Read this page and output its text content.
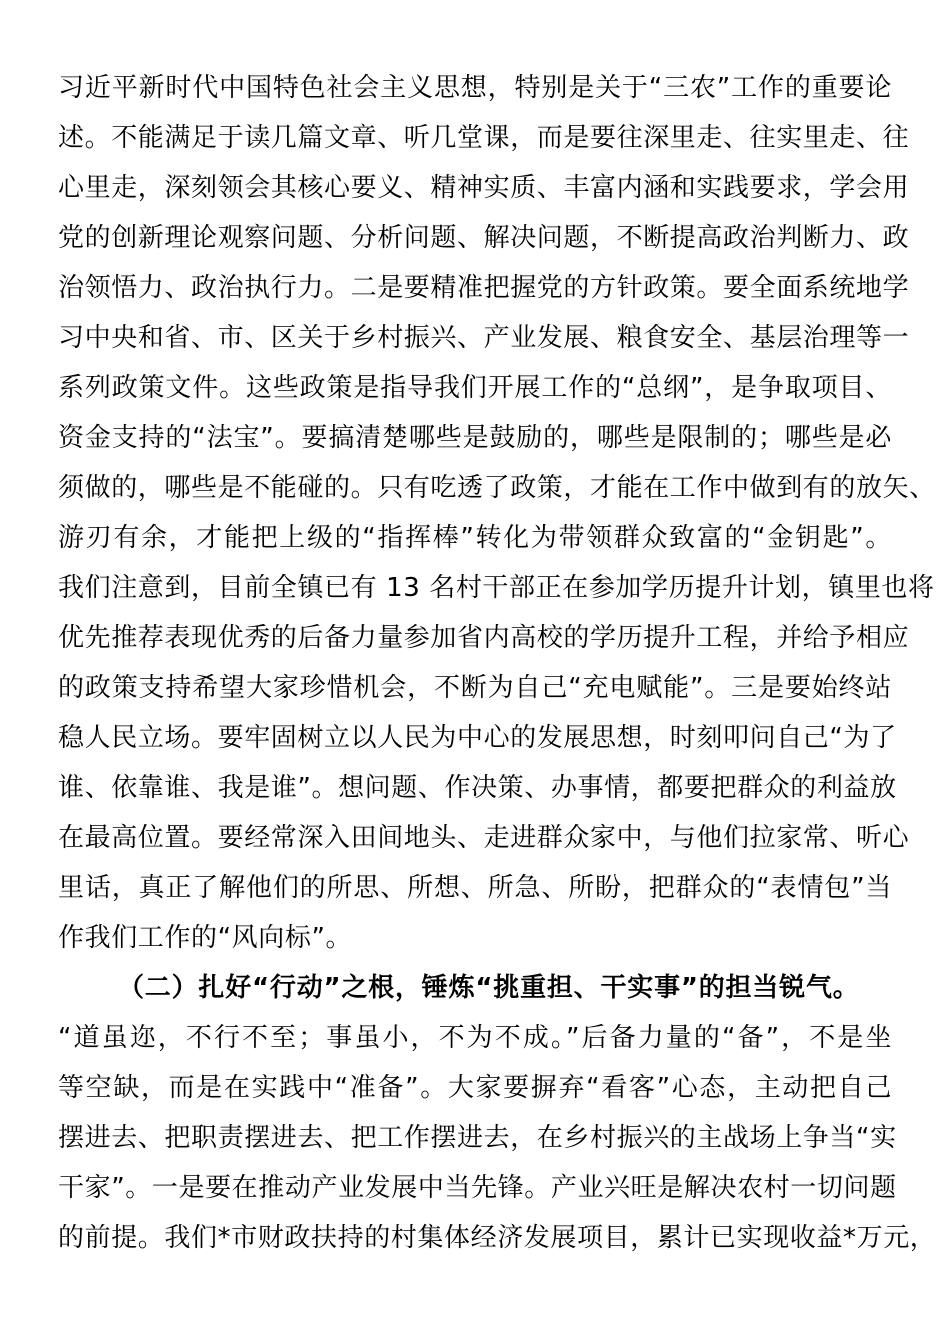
习近平新时代中国特色社会主义思想，特别是关于“三农”工作的重要论
述。不能满足于读几篇文章、听几堂课，而是要往深里走、往实里走、往
心里走，深刻领会其核心要义、精神实质、丰富内涵和实践要求，学会用
党的创新理论观察问题、分析问题、解决问题，不断提高政治判断力、政
治领悟力、政治执行力。二是要精准把握党的方针政策。要全面系统地学
习中央和省、市、区关于乡村振兴、产业发展、粮食安全、基层治理等一
系列政策文件。这些政策是指导我们开展工作的“总纲”，是争取项目、
资金支持的“法宝”。要搞清楚哪些是鼓励的，哪些是限制的；哪些是必
须做的，哪些是不能碰的。只有吃透了政策，才能在工作中做到有的放矢、
游刃有余，才能把上级的“指挥棒”转化为带领群众致富的“金钥匙”。
我们注意到，目前全镇已有 13 名村干部正在参加学历提升计划，镇里也将
优先推荐表现优秀的后备力量参加省内高校的学历提升工程，并给予相应
的政策支持希望大家珍惜机会，不断为自己“充电赋能”。三是要始终站
稳人民立场。要牢固树立以人民为中心的发展思想，时刻叩问自己“为了
谁、依靠谁、我是谁”。想问题、作决策、办事情，都要把群众的利益放
在最高位置。要经常深入田间地头、走进群众家中，与他们拉家常、听心
里话，真正了解他们的所思、所想、所急、所盼，把群众的“表情包”当
作我们工作的“风向标”。
（二）扎好“行动”之根，锤炼“挑重担、干实事”的担当锐气。
“道虽迩，不行不至；事虽小，不为不成。”后备力量的“备”，不是坐
等空缺，而是在实践中“准备”。大家要摒弃“看客”心态，主动把自己
摆进去、把职责摆进去、把工作摆进去，在乡村振兴的主战场上争当“实
干家”。一是要在推动产业发展中当先锋。产业兴旺是解决农村一切问题
的前提。我们*市财政扶持的村集体经济发展项目，累计已实现收益*万元，
